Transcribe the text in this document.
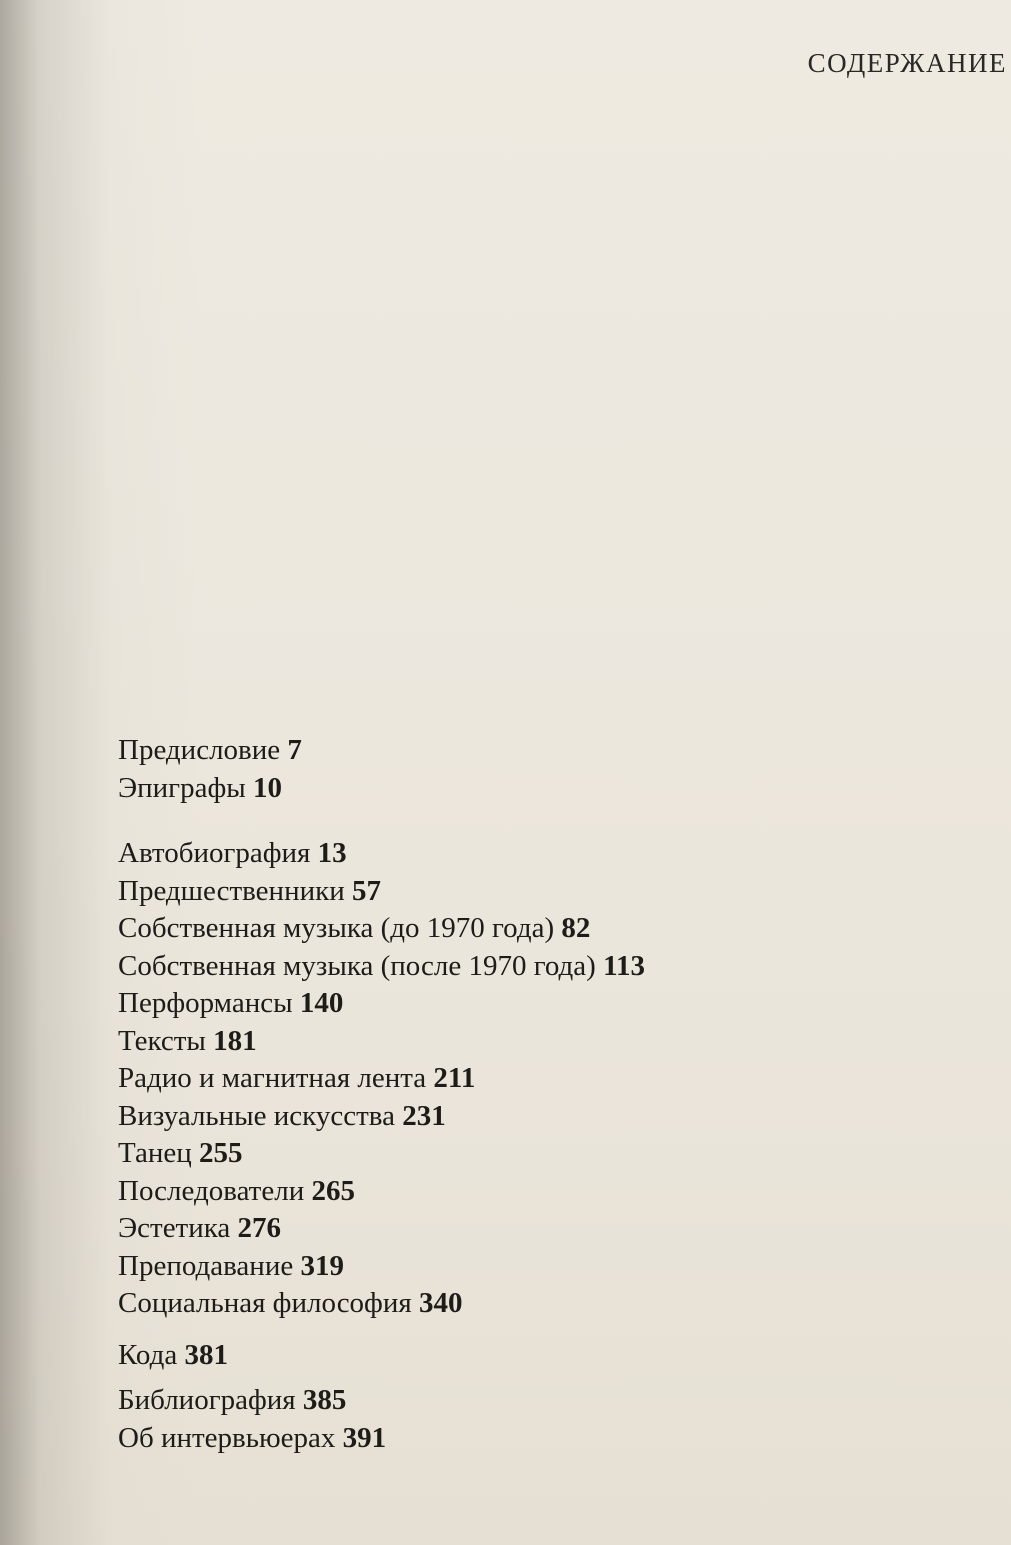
СОДЕРЖАНИЕ
Предисловие 7
Эпиграфы 10
Автобиография 13
Предшественники 57
Собственная музыка (до 1970 года) 82
Собственная музыка (после 1970 года) 113
Перформансы 140
Тексты 181
Радио и магнитная лента 211
Визуальные искусства 231
Танец 255
Последователи 265
Эстетика 276
Преподавание 319
Социальная философия 340
Кода 381
Библиография 385
Об интервьюерах 391
